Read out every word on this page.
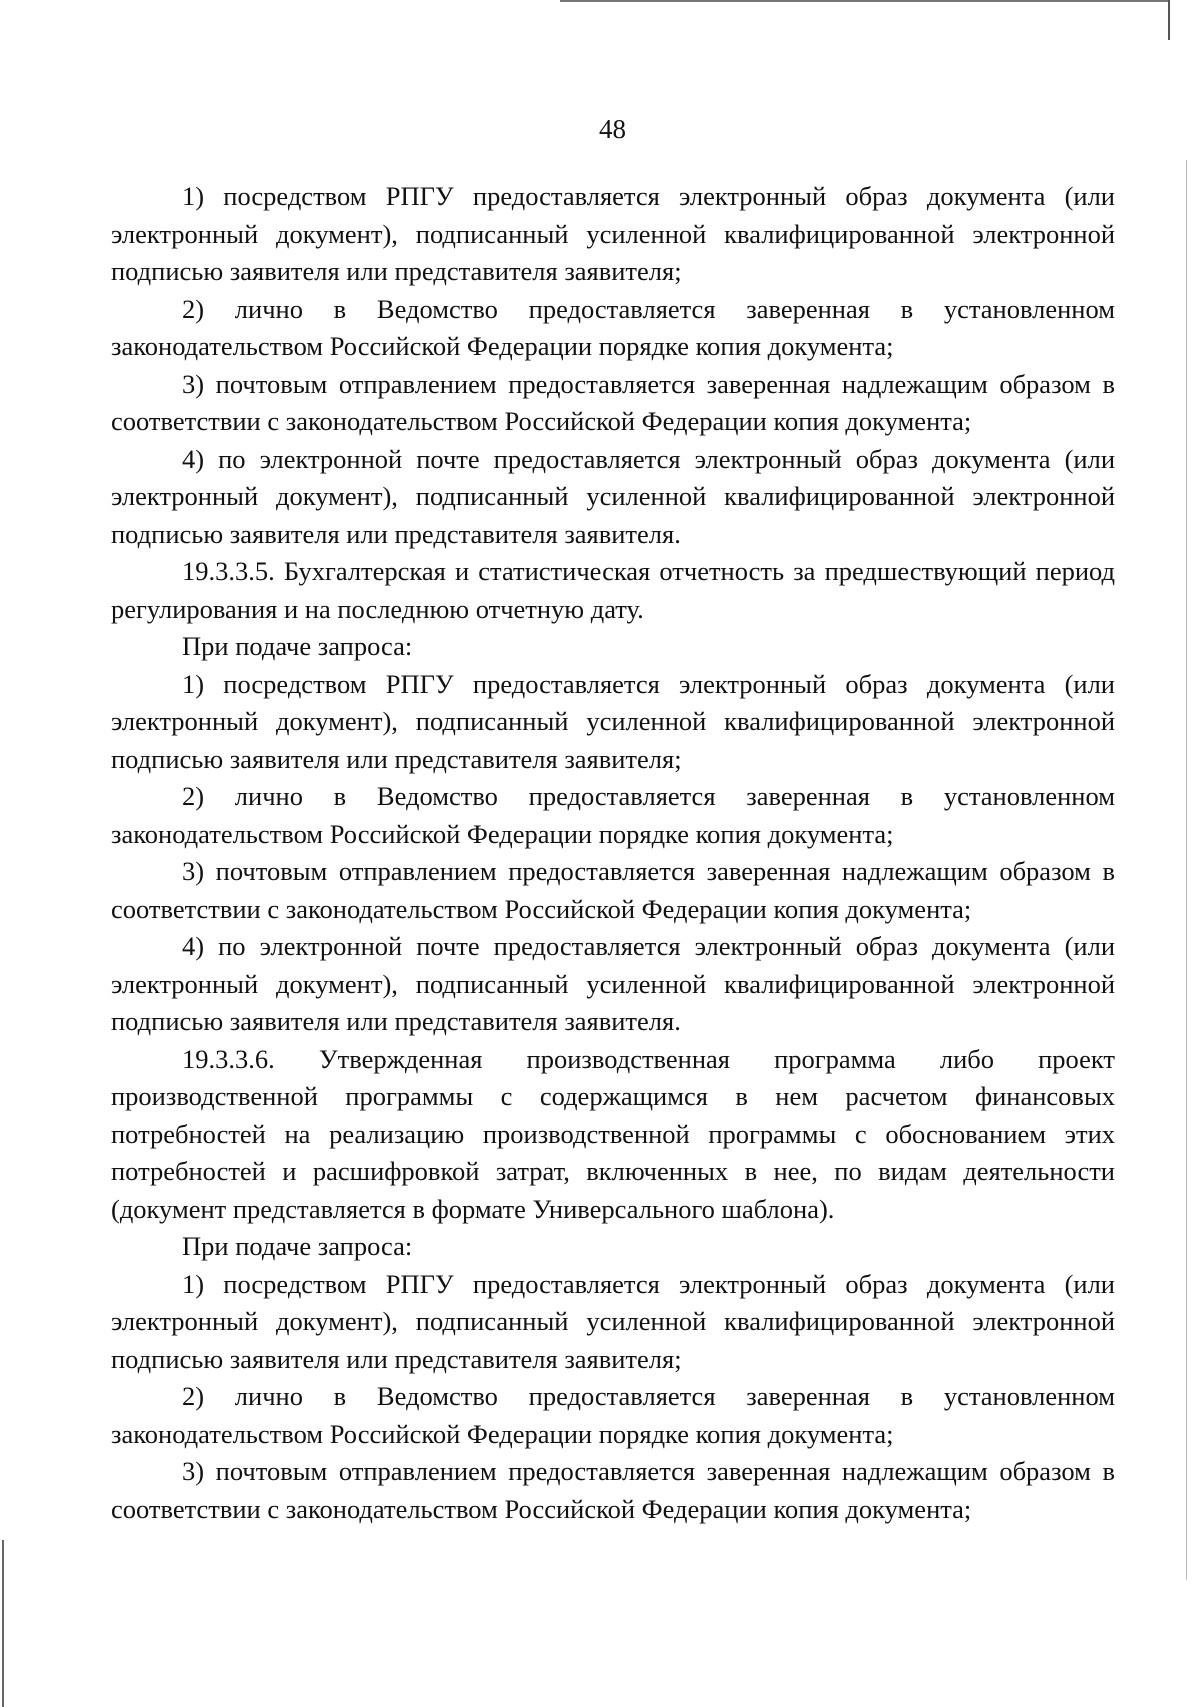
48

1) посредством РПГУ предоставляется электронный образ документа (или электронный документ), подписанный усиленной квалифицированной электронной подписью заявителя или представителя заявителя;

2) лично в Ведомство предоставляется заверенная в установленном законодательством Российской Федерации порядке копия документа;

3) почтовым отправлением предоставляется заверенная надлежащим образом в соответствии с законодательством Российской Федерации копия документа;

4) по электронной почте предоставляется электронный образ документа (или электронный документ), подписанный усиленной квалифицированной электронной подписью заявителя или представителя заявителя.

19.3.3.5. Бухгалтерская и статистическая отчетность за предшествующий период регулирования и на последнюю отчетную дату.

При подаче запроса:

1) посредством РПГУ предоставляется электронный образ документа (или электронный документ), подписанный усиленной квалифицированной электронной подписью заявителя или представителя заявителя;

2) лично в Ведомство предоставляется заверенная в установленном законодательством Российской Федерации порядке копия документа;

3) почтовым отправлением предоставляется заверенная надлежащим образом в соответствии с законодательством Российской Федерации копия документа;

4) по электронной почте предоставляется электронный образ документа (или электронный документ), подписанный усиленной квалифицированной электронной подписью заявителя или представителя заявителя.

19.3.3.6. Утвержденная производственная программа либо проект производственной программы с содержащимся в нем расчетом финансовых потребностей на реализацию производственной программы с обоснованием этих потребностей и расшифровкой затрат, включенных в нее, по видам деятельности (документ представляется в формате Универсального шаблона).

При подаче запроса:

1) посредством РПГУ предоставляется электронный образ документа (или электронный документ), подписанный усиленной квалифицированной электронной подписью заявителя или представителя заявителя;

2) лично в Ведомство предоставляется заверенная в установленном законодательством Российской Федерации порядке копия документа;

3) почтовым отправлением предоставляется заверенная надлежащим образом в соответствии с законодательством Российской Федерации копия документа;
